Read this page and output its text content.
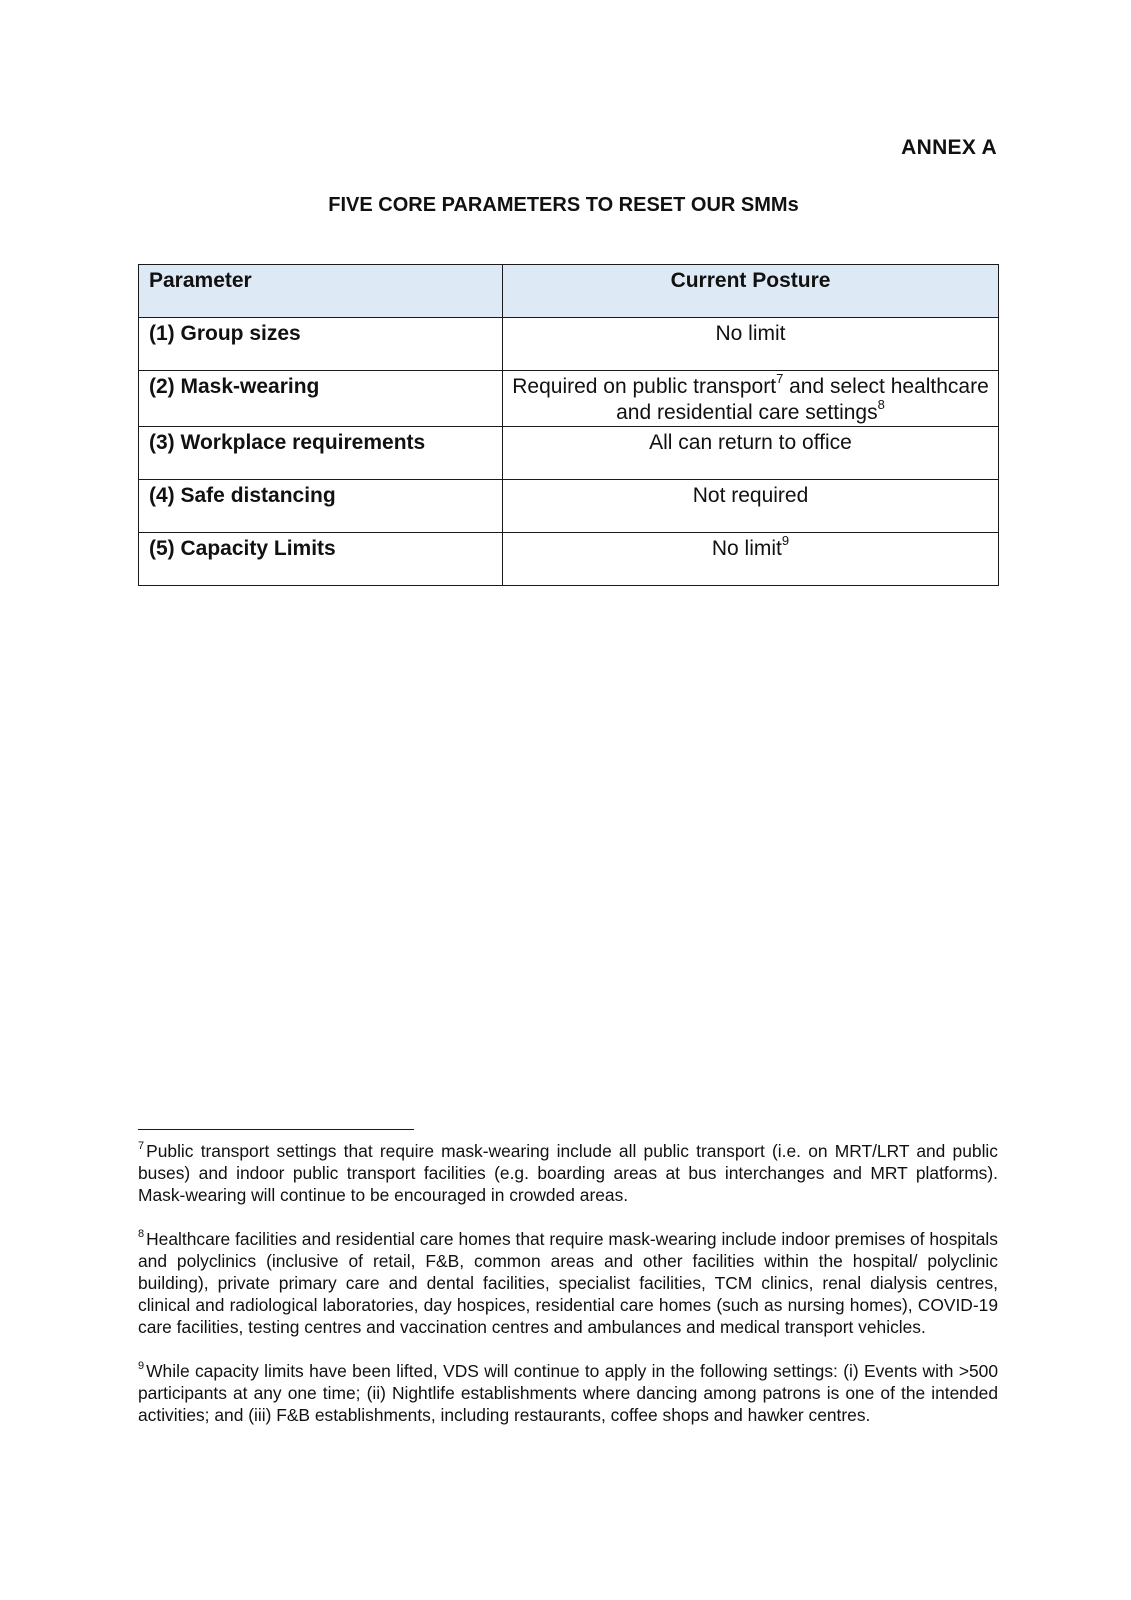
ANNEX A
FIVE CORE PARAMETERS TO RESET OUR SMMs
Parameter	Current Posture

(1) Group sizes	No limit

(2) Mask-wearing	Required on public transport$^7$ and select healthcare and residential care settings$^8$

(3) Workplace requirements	All can return to office

(4) Safe distancing	Not required

(5) Capacity Limits	No limit$^9$

$^7$ Public transport settings that require mask-wearing include all public transport (i.e. on MRT/LRT and public buses) and indoor public transport facilities (e.g. boarding areas at bus interchanges and MRT platforms). Mask-wearing will continue to be encouraged in crowded areas.

$^8$ Healthcare facilities and residential care homes that require mask-wearing include indoor premises of hospitals and polyclinics (inclusive of retail, F&B, common areas and other facilities within the hospital/ polyclinic building), private primary care and dental facilities, specialist facilities, TCM clinics, renal dialysis centres, clinical and radiological laboratories, day hospices, residential care homes (such as nursing homes), COVID-19 care facilities, testing centres and vaccination centres and ambulances and medical transport vehicles.

$^9$ While capacity limits have been lifted, VDS will continue to apply in the following settings: (i) Events with >500 participants at any one time; (ii) Nightlife establishments where dancing among patrons is one of the intended activities; and (iii) F&B establishments, including restaurants, coffee shops and hawker centres.
